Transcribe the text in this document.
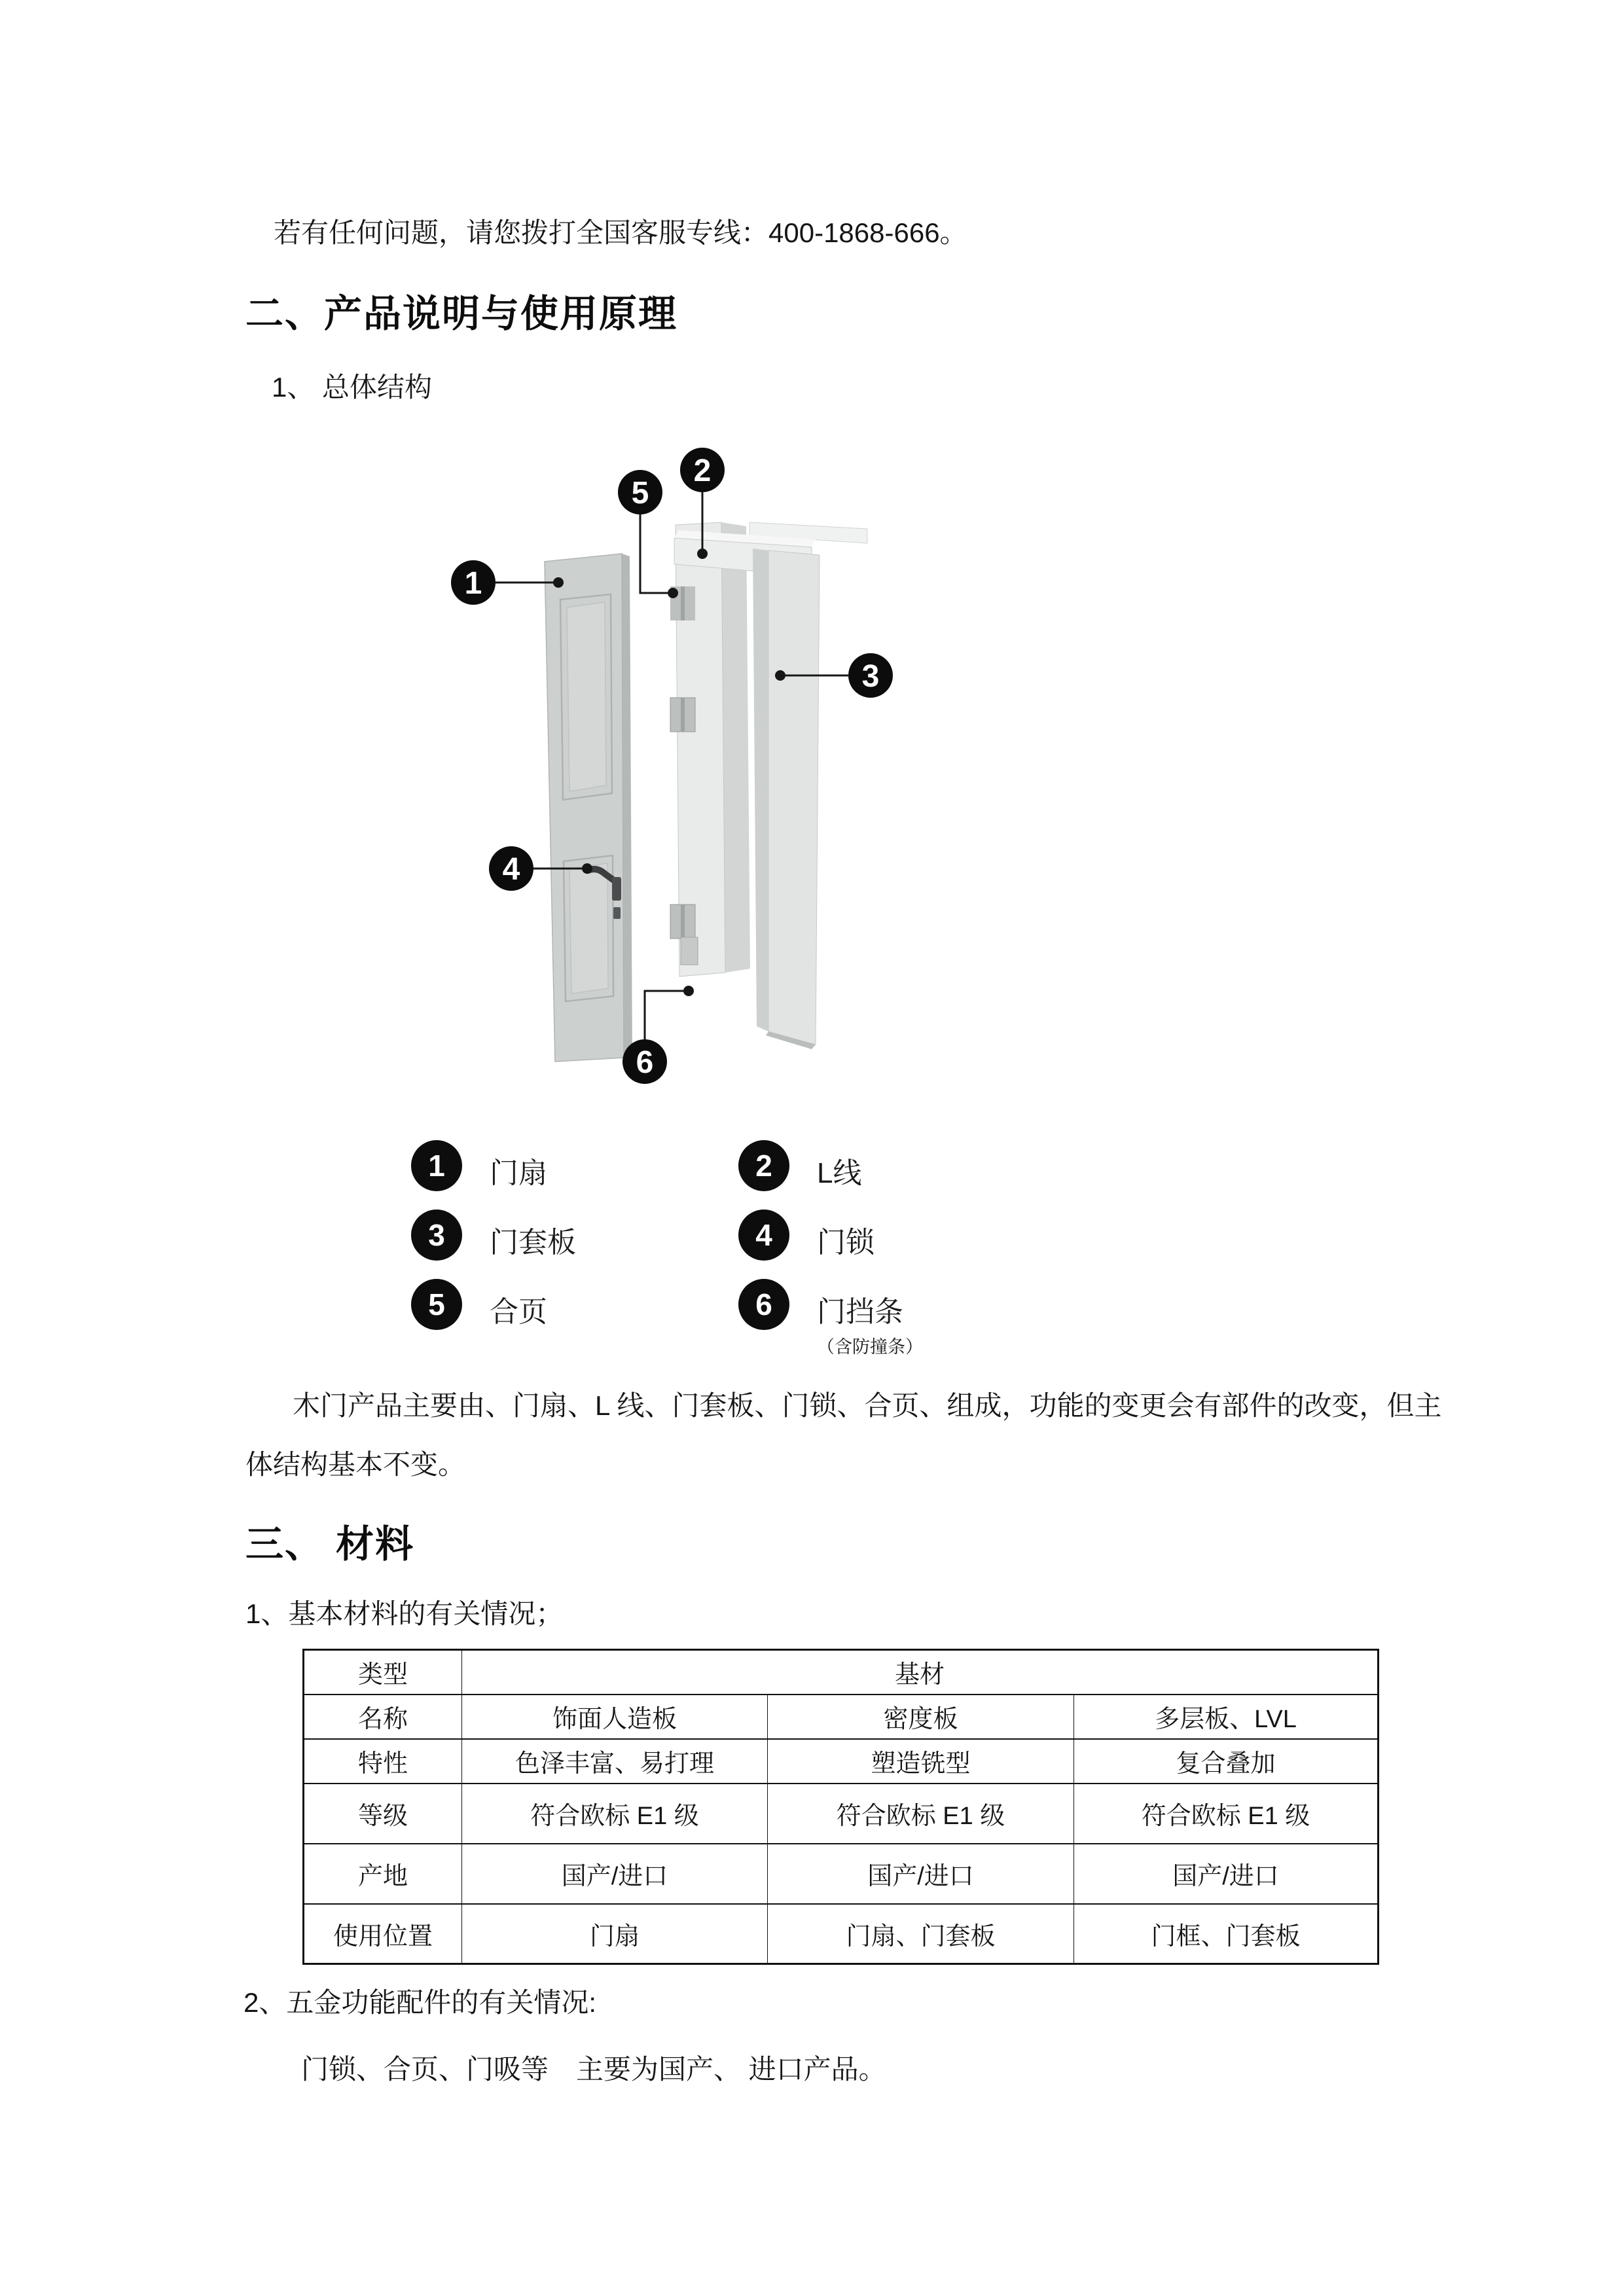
若有任何问题，请您拨打全国客服专线：400-1868-666。
二、产品说明与使用原理
1、 总体结构
1
2
3
4
5
6
1	门扇	2	L线
3	门套板	4	门锁
5	合页	6	门挡条
（含防撞条）
木门产品主要由、门扇、L 线、门套板、门锁、合页、组成，功能的变更会有部件的改变，但主
体结构基本不变。
三、 材料
1、基本材料的有关情况；
类型	基材		
名称	饰面人造板	密度板	多层板、LVL
特性	色泽丰富、易打理	塑造铣型	复合叠加
等级	符合欧标 E1 级	符合欧标 E1 级	符合欧标 E1 级
产地	国产/进口	国产/进口	国产/进口
使用位置	门扇	门扇、门套板	门框、门套板
2、五金功能配件的有关情况:
门锁、合页、门吸等　主要为国产、 进口产品。
